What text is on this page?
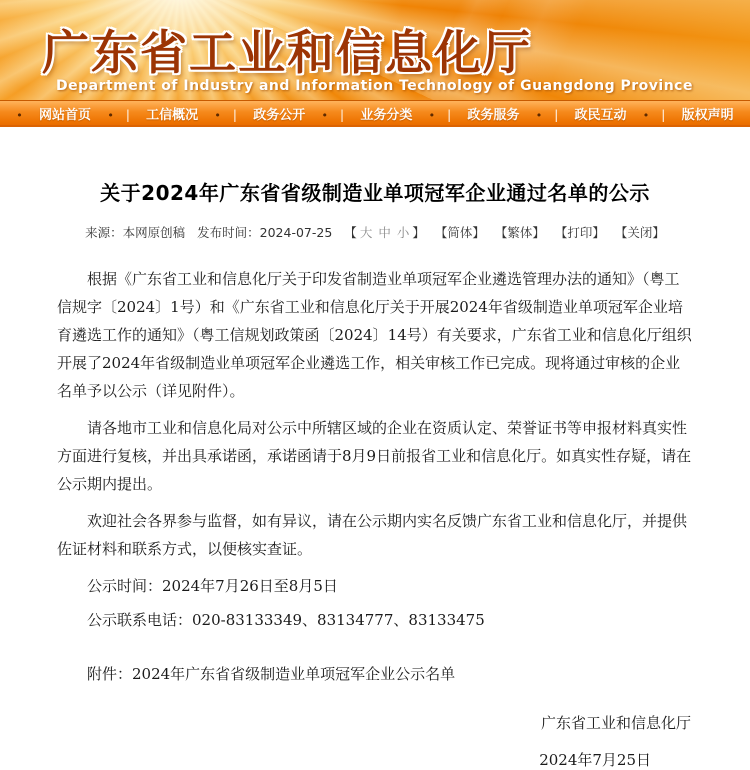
广东省工业和信息化厅
Department of Industry and Information Technology of Guangdong Province
•
网站首页 • |	工信概况 • |	政务公开 • |	业务分类 • |	政务服务 • |	政民互动 • |	版权声明
关于2024年广东省省级制造业单项冠军企业通过名单的公示
来源：本网原创稿 发布时间：2024-07-25 【 大 中 小 】 【简体】 【繁体】 【打印】 【关闭】

根据《广东省工业和信息化厅关于印发省制造业单项冠军企业遴选管理办法的通知》（粤工信规字〔2024〕1号）和《广东省工业和信息化厅关于开展2024年省级制造业单项冠军企业培育遴选工作的通知》（粤工信规划政策函〔2024〕14号）有关要求，广东省工业和信息化厅组织开展了2024年省级制造业单项冠军企业遴选工作，相关审核工作已完成。现将通过审核的企业名单予以公示（详见附件）。

请各地市工业和信息化局对公示中所辖区域的企业在资质认定、荣誉证书等申报材料真实性方面进行复核，并出具承诺函，承诺函请于8月9日前报省工业和信息化厅。如真实性存疑，请在公示期内提出。

欢迎社会各界参与监督，如有异议，请在公示期内实名反馈广东省工业和信息化厅，并提供佐证材料和联系方式，以便核实查证。

公示时间：2024年7月26日至8月5日

公示联系电话：020-83133349、83134777、83133475

附件：2024年广东省省级制造业单项冠军企业公示名单

广东省工业和信息化厅
2024年7月25日
